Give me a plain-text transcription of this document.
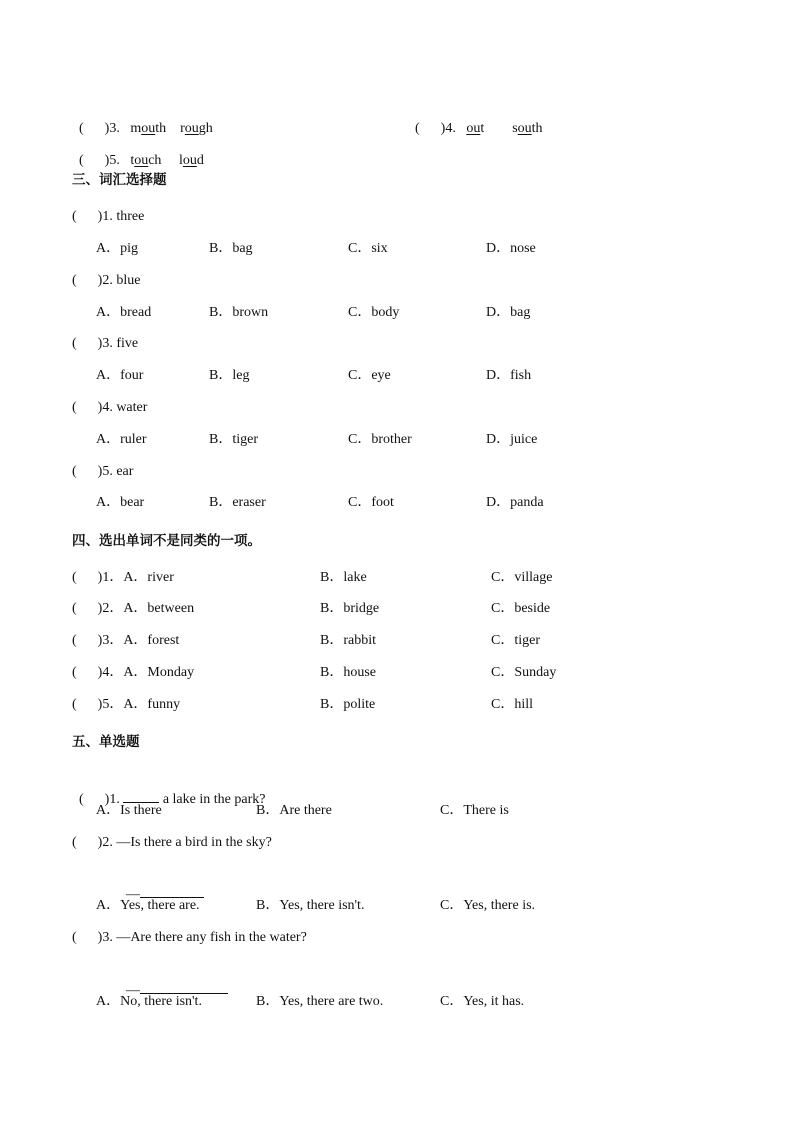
(      )3. mouth rough	(      )4. out south

(      )5. touch loud

三、词汇选择题
(      )1. three
A．pig	B．bag	C．six	D．nose
(      )2. blue
A．bread	B．brown	C．body	D．bag
(      )3. five
A．four	B．leg	C．eye	D．fish
(      )4. water
A．ruler	B．tiger	C．brother	D．juice
(      )5. ear
A．bear	B．eraser	C．foot	D．panda
四、选出单词不是同类的一项。
(      )1．A．river	B．lake	C．village
(      )2．A．between	B．bridge	C．beside
(      )3．A．forest	B．rabbit	C．tiger
(      )4．A．Monday	B．house	C．Sunday
(      )5．A．funny	B．polite	C．hill
五、单选题

(      )1.	a lake in the park?

A．Is there	B．Are there	C．There is
(      )2. —Is there a bird in the sky?

—

A．Yes, there are.	B．Yes, there isn't.	C．Yes, there is.
(      )3. —Are there any fish in the water?

—

A．No, there isn't.	B．Yes, there are two.	C．Yes, it has.
